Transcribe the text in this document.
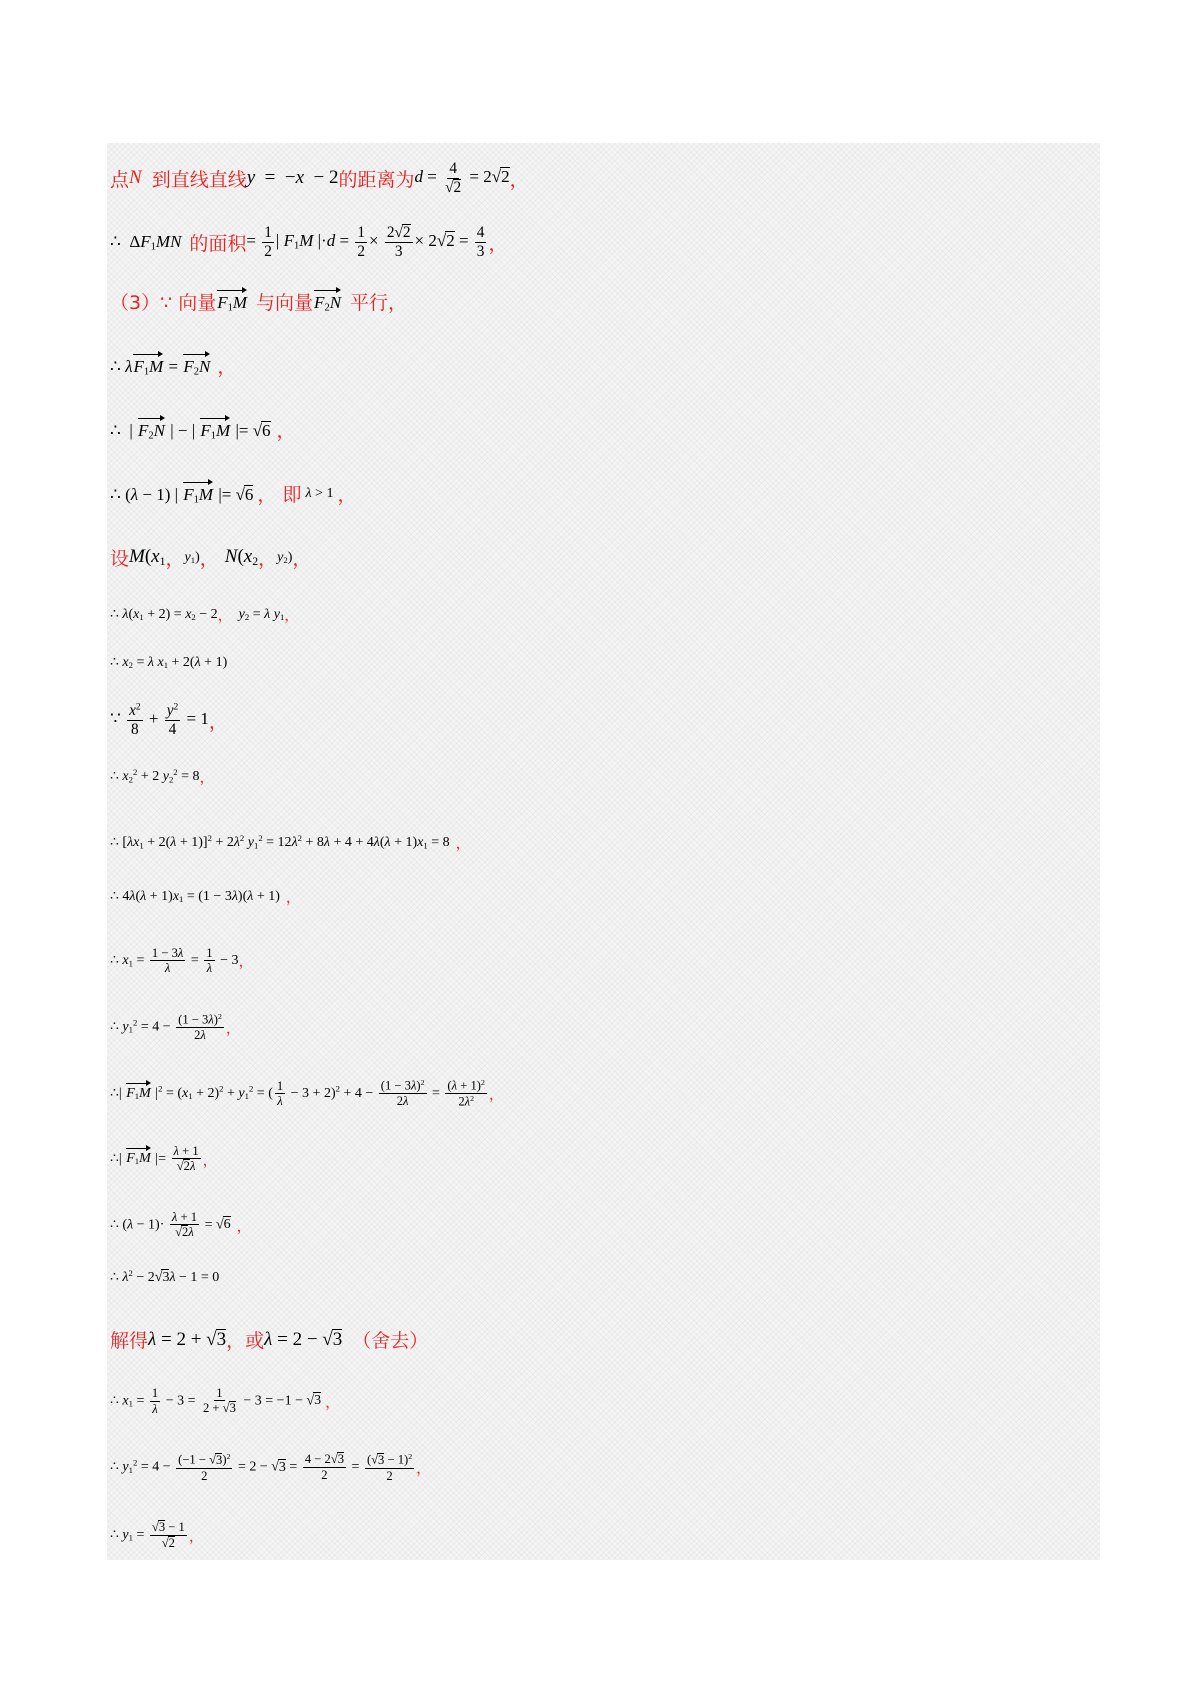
点 N 到直线直线 y  =  −x  − 2 的距离为 $d = \frac{4}{√2} = 2√2$ ，
∴  $\Delta F_1MN$ 的面积 = $\frac{1}{2}$ | $F_1M$ $|\cdot d = \frac{1}{2} \times \frac{2√2}{3} \times 2√2 = \frac{4}{3}$ ，
（3）∵ 向量 $F_1M$ 与向量 $F_2N$ 平行，
∴ $\lambda F_1M = F_2N$ ，
∴  | $F_2N$ | − | $F_1M$ |= √6 ，
∴ (λ − 1) | $F_1M$ |= √6 ， 即 λ > 1 ，
设 $M(x_1$ ， $y_1$) ， $N(x_2$ ， $y_2$) ，
∴ $\lambda(x_1 + 2) = x_2 - 2$ ， $y_2 = \lambda$ $y_1$ ，
∴ $x_2 = \lambda$ $x_1 + 2(\lambda + 1)$
∵ $\frac{x^2}{8} + \frac{y^2}{4} = 1$ ，
∴ $x_2^2 + 2$ $y_2^2 = 8$ ，
∴ $[\lambda x_1 + 2(\lambda + 1)]^2 + 2\lambda^2$ $y_1^2 = 12\lambda^2 + 8\lambda + 4 + 4\lambda(\lambda + 1)x_1 = 8$ ，
∴ $4\lambda(\lambda + 1)x_1 = (1 - 3\lambda)(\lambda + 1)$ ，
∴ $x_1 = \frac{1 - 3\lambda}{\lambda} = \frac{1}{\lambda} - 3$ ，
∴ $y_1^2 = 4 - \frac{(1 - 3\lambda)^2}{2\lambda}$ ，
∴| $F_1M$ $|^2 = (x_1 + 2)^2 + y_1^2$ = ( $\frac{1}{\lambda} - 3 + 2)^2 + 4 - \frac{(1 - 3\lambda)^2}{2\lambda} = \frac{(\lambda + 1)^2}{2\lambda^2}$ ，
∴| $F_1M$ |= $\frac{\lambda + 1}{√2\lambda}$ ，
∴ $(\lambda - 1)\cdot \frac{\lambda + 1}{√2\lambda} = √6$ ，
∴ $\lambda^2 - 2√3\lambda - 1 = 0$
解得 λ = 2 + √3 ，或 λ = 2 − √3 （舍去）
∴ $x_1 = \frac{1}{\lambda} - 3 = \frac{1}{2 + √3} - 3 = -1 - √3$ ，
∴ $y_1^2 = 4 - \frac{(-1 - √3)^2}{2} = 2 - √3 = \frac{4 - 2√3}{2} = \frac{(√3 - 1)^2}{2}$ ，
∴ $y_1 = \frac{√3 - 1}{√2}$ ，
